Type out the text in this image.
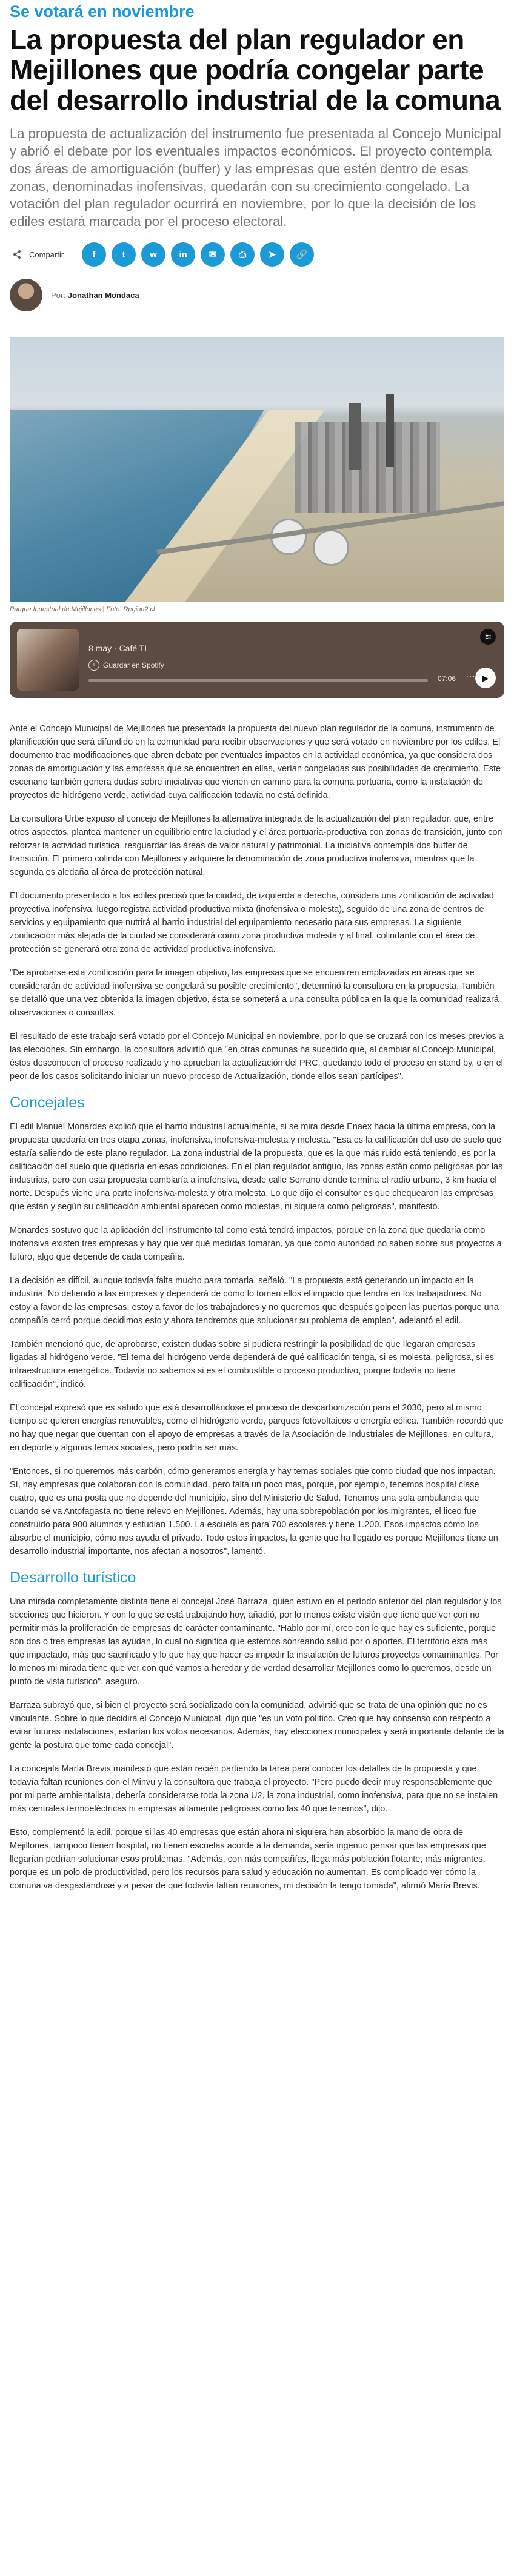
Se votará en noviembre
La propuesta del plan regulador en Mejillones que podría congelar parte del desarrollo industrial de la comuna

La propuesta de actualización del instrumento fue presentada al Concejo Municipal y abrió el debate por los eventuales impactos económicos. El proyecto contempla dos áreas de amortiguación (buffer) y las empresas que estén dentro de esas zonas, denominadas inofensivas, quedarán con su crecimiento congelado. La votación del plan regulador ocurrirá en noviembre, por lo que la decisión de los ediles estará marcada por el proceso electoral.

Compartir	f	t	w in ✉ ⎙ ➤ 🔗
Por: Jonathan Mondaca
Parque Industrial de Mejillones | Foto: Region2.cl
8 may · Café TL
+ Guardar en Spotify
≋
07:06 ··· ▶

Ante el Concejo Municipal de Mejillones fue presentada la propuesta del nuevo plan regulador de la comuna, instrumento de planificación que será difundido en la comunidad para recibir observaciones y que será votado en noviembre por los ediles. El documento trae modificaciones que abren debate por eventuales impactos en la actividad económica, ya que considera dos zonas de amortiguación y las empresas que se encuentren en ellas, verían congeladas sus posibilidades de crecimiento. Este escenario también genera dudas sobre iniciativas que vienen en camino para la comuna portuaria, como la instalación de proyectos de hidrógeno verde, actividad cuya calificación todavía no está definida.

La consultora Urbe expuso al concejo de Mejillones la alternativa integrada de la actualización del plan regulador, que, entre otros aspectos, plantea mantener un equilibrio entre la ciudad y el área portuaria-productiva con zonas de transición, junto con reforzar la actividad turística, resguardar las áreas de valor natural y patrimonial. La iniciativa contempla dos buffer de transición. El primero colinda con Mejillones y adquiere la denominación de zona productiva inofensiva, mientras que la segunda es aledaña al área de protección natural.

El documento presentado a los ediles precisó que la ciudad, de izquierda a derecha, considera una zonificación de actividad proyectiva inofensiva, luego registra actividad productiva mixta (inofensiva o molesta), seguido de una zona de centros de servicios y equipamiento que nutrirá al barrio industrial del equipamiento necesario para sus empresas. La siguiente zonificación más alejada de la ciudad se considerará como zona productiva molesta y al final, colindante con el área de protección se generará otra zona de actividad productiva inofensiva.

"De aprobarse esta zonificación para la imagen objetivo, las empresas que se encuentren emplazadas en áreas que se considerarán de actividad inofensiva se congelará su posible crecimiento", determinó la consultora en la propuesta. También se detalló que una vez obtenida la imagen objetivo, ésta se someterá a una consulta pública en la que la comunidad realizará observaciones o consultas.

El resultado de este trabajo será votado por el Concejo Municipal en noviembre, por lo que se cruzará con los meses previos a las elecciones. Sin embargo, la consultora advirtió que "en otras comunas ha sucedido que, al cambiar al Concejo Municipal, éstos desconocen el proceso realizado y no aprueban la actualización del PRC, quedando todo el proceso en stand by, o en el peor de los casos solicitando iniciar un nuevo proceso de Actualización, donde ellos sean partícipes".

Concejales

El edil Manuel Monardes explicó que el barrio industrial actualmente, si se mira desde Enaex hacia la última empresa, con la propuesta quedaría en tres etapa zonas, inofensiva, inofensiva-molesta y molesta. "Esa es la calificación del uso de suelo que estaría saliendo de este plano regulador. La zona industrial de la propuesta, que es la que más ruido está teniendo, es por la calificación del suelo que quedaría en esas condiciones. En el plan regulador antiguo, las zonas están como peligrosas por las industrias, pero con esta propuesta cambiaría a inofensiva, desde calle Serrano donde termina el radio urbano, 3 km hacia el norte. Después viene una parte inofensiva-molesta y otra molesta. Lo que dijo el consultor es que chequearon las empresas que están y según su calificación ambiental aparecen como molestas, ni siquiera como peligrosas", manifestó.

Monardes sostuvo que la aplicación del instrumento tal como está tendrá impactos, porque en la zona que quedaría como inofensiva existen tres empresas y hay que ver qué medidas tomarán, ya que como autoridad no saben sobre sus proyectos a futuro, algo que depende de cada compañía.

La decisión es difícil, aunque todavía falta mucho para tomarla, señaló. "La propuesta está generando un impacto en la industria. No defiendo a las empresas y dependerá de cómo lo tomen ellos el impacto que tendrá en los trabajadores. No estoy a favor de las empresas, estoy a favor de los trabajadores y no queremos que después golpeen las puertas porque una compañía cerró porque decidimos esto y ahora tendremos que solucionar su problema de empleo", adelantó el edil.

También mencionó que, de aprobarse, existen dudas sobre si pudiera restringir la posibilidad de que llegaran empresas ligadas al hidrógeno verde. "El tema del hidrógeno verde dependerá de qué calificación tenga, si es molesta, peligrosa, si es infraestructura energética. Todavía no sabemos si es el combustible o proceso productivo, porque todavía no tiene calificación", indicó.

El concejal expresó que es sabido que está desarrollándose el proceso de descarbonización para el 2030, pero al mismo tiempo se quieren energías renovables, como el hidrógeno verde, parques fotovoltaicos o energía eólica. También recordó que no hay que negar que cuentan con el apoyo de empresas a través de la Asociación de Industriales de Mejillones, en cultura, en deporte y algunos temas sociales, pero podría ser más.

"Entonces, si no queremos más carbón, cómo generamos energía y hay temas sociales que como ciudad que nos impactan. Sí, hay empresas que colaboran con la comunidad, pero falta un poco más, porque, por ejemplo, tenemos hospital clase cuatro, que es una posta que no depende del municipio, sino del Ministerio de Salud. Tenemos una sola ambulancia que cuando se va Antofagasta no tiene relevo en Mejillones. Además, hay una sobrepoblación por los migrantes, el liceo fue construido para 900 alumnos y estudian 1.500. La escuela es para 700 escolares y tiene 1.200. Esos impactos cómo los absorbe el municipio, cómo nos ayuda el privado. Todo estos impactos, la gente que ha llegado es porque Mejillones tiene un desarrollo industrial importante, nos afectan a nosotros", lamentó.

Desarrollo turístico

Una mirada completamente distinta tiene el concejal José Barraza, quien estuvo en el período anterior del plan regulador y los secciones que hicieron. Y con lo que se está trabajando hoy, añadió, por lo menos existe visión que tiene que ver con no permitir más la proliferación de empresas de carácter contaminante. "Hablo por mí, creo con lo que hay es suficiente, porque son dos o tres empresas las ayudan, lo cual no significa que estemos sonreando salud por o aportes. El territorio está más que impactado, más que sacrificado y lo que hay que hacer es impedir la instalación de futuros proyectos contaminantes. Por lo menos mi mirada tiene que ver con qué vamos a heredar y de verdad desarrollar Mejillones como lo queremos, desde un punto de vista turístico", aseguró.

Barraza subrayó que, si bien el proyecto será socializado con la comunidad, advirtió que se trata de una opinión que no es vinculante. Sobre lo que decidirá el Concejo Municipal, dijo que "es un voto político. Creo que hay consenso con respecto a evitar futuras instalaciones, estarían los votos necesarios. Además, hay elecciones municipales y será importante delante de la gente la postura que tome cada concejal".

La concejala María Brevis manifestó que están recién partiendo la tarea para conocer los detalles de la propuesta y que todavía faltan reuniones con el Minvu y la consultora que trabaja el proyecto. "Pero puedo decir muy responsablemente que por mi parte ambientalista, debería considerarse toda la zona U2, la zona industrial, como inofensiva, para que no se instalen más centrales termoeléctricas ni empresas altamente peligrosas como las 40 que tenemos", dijo.

Esto, complementó la edil, porque si las 40 empresas que están ahora ni siquiera han absorbido la mano de obra de Mejillones, tampoco tienen hospital, no tienen escuelas acorde a la demanda, sería ingenuo pensar que las empresas que llegarían podrían solucionar esos problemas. "Además, con más compañías, llega más población flotante, más migrantes, porque es un polo de productividad, pero los recursos para salud y educación no aumentan. Es complicado ver cómo la comuna va desgastándose y a pesar de que todavía faltan reuniones, mi decisión la tengo tomada", afirmó María Brevis.
